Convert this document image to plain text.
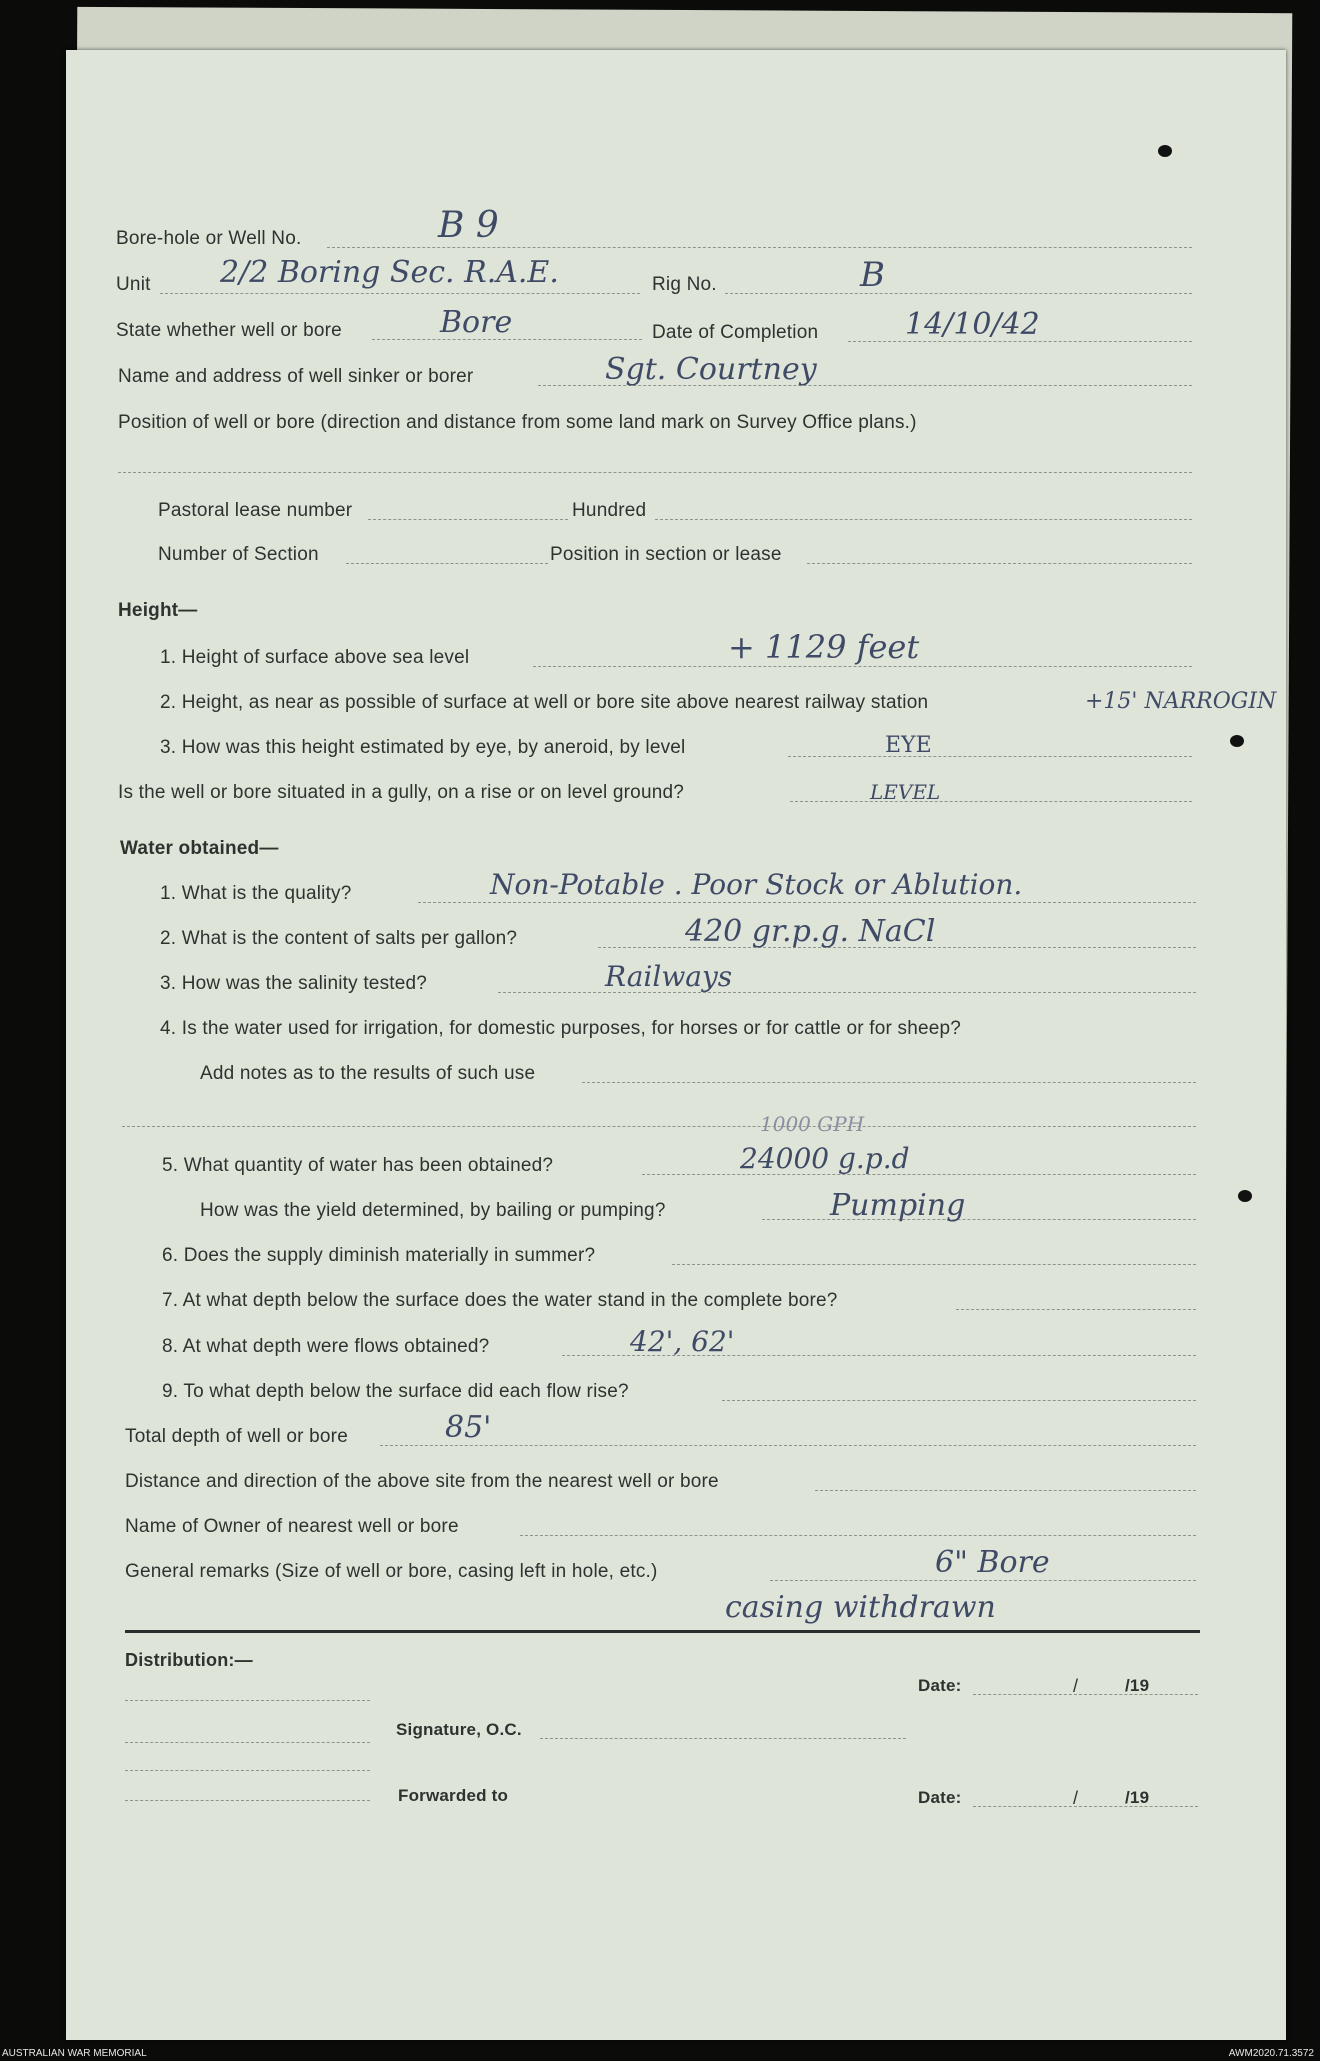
Bore-hole or Well No.	B 9
Unit 2/2 Boring Sec. R.A.E.	Rig No.	B
State whether well or bore	Bore	Date of Completion	14/10/42
Name and address of well sinker or borer	Sgt. Courtney
Position of well or bore (direction and distance from some land mark on Survey Office plans.)
Pastoral lease number	Hundred
Number of Section	Position in section or lease
Height—
1. Height of surface above sea level	+ 1129 feet
2. Height, as near as possible of surface at well or bore site above nearest railway station	+15' NARROGIN
3. How was this height estimated by eye, by aneroid, by level	EYE
Is the well or bore situated in a gully, on a rise or on level ground?	LEVEL
Water obtained—
1. What is the quality?	Non-Potable . Poor Stock or Ablution.
2. What is the content of salts per gallon?	420 gr.p.g. NaCl
3. How was the salinity tested?	Railways
4. Is the water used for irrigation, for domestic purposes, for horses or for cattle or for sheep?
Add notes as to the results of such use
1000 GPH
5. What quantity of water has been obtained?	24000 g.p.d
How was the yield determined, by bailing or pumping?	Pumping
6. Does the supply diminish materially in summer?
7. At what depth below the surface does the water stand in the complete bore?
8. At what depth were flows obtained?	42', 62'
9. To what depth below the surface did each flow rise?
Total depth of well or bore	85'
Distance and direction of the above site from the nearest well or bore
Name of Owner of nearest well or bore
General remarks (Size of well or bore, casing left in hole, etc.)	6" Bore
casing withdrawn
Distribution:—
Date:	/	/19
Signature, O.C.
Forwarded to	Date:	/	/19
AUSTRALIAN WAR MEMORIAL	AWM2020.71.3572
